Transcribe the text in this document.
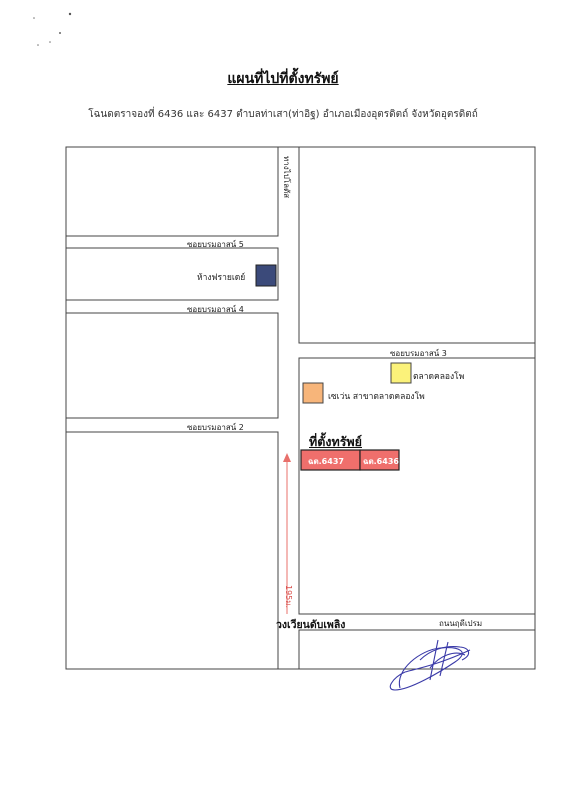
แผนที่ไปที่ตั้งทรัพย์
โฉนดตราจองที่ 6436 และ 6437 ตำบลท่าเสา(ท่าอิฐ) อำเภอเมืองอุตรดิตถ์ จังหวัดอุตรดิตถ์
ทางไปโลตัส
ซอยบรมอาสน์ 5
ซอยบรมอาสน์ 4
ซอยบรมอาสน์ 3
ซอยบรมอาสน์ 2
วงเวียนดับเพลิง	ถนนฤดีเปรม
ห้างฟรายเดย์
ตลาดคลองโพ
เซเว่น สาขาตลาดคลองโพ
ที่ตั้งทรัพย์
ฉต.6437 ฉต.6436
195ม.
